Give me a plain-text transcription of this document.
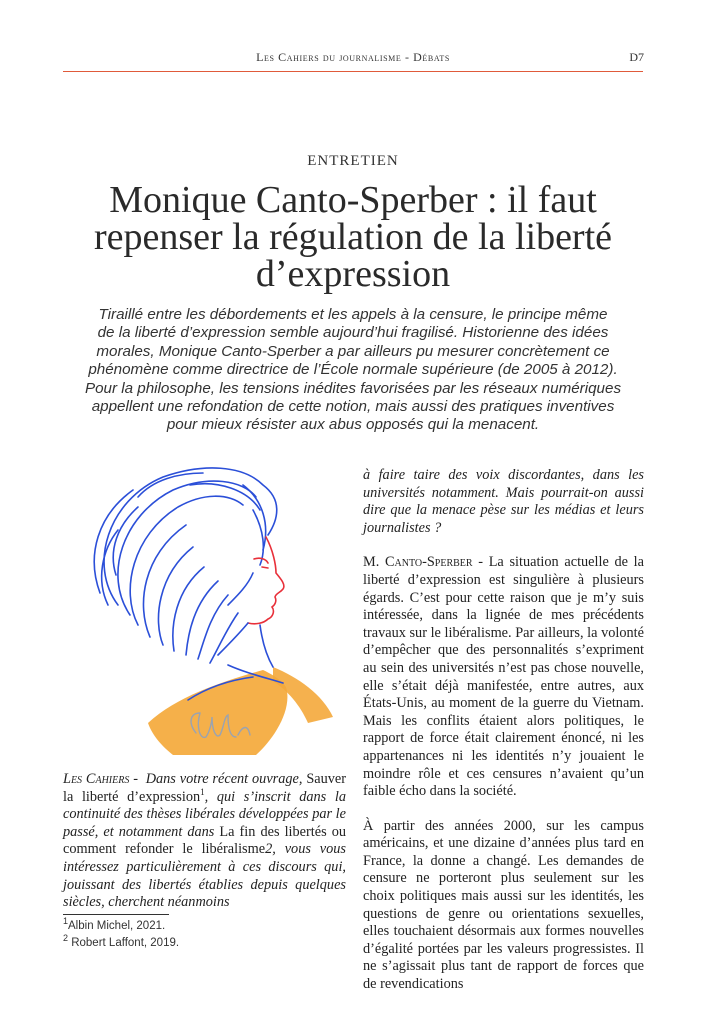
Les Cahiers du journalisme - Débats	D7
ENTRETIEN
Monique Canto-Sperber : il faut
repenser la régulation de la liberté
d’expression

Tiraillé entre les débordements et les appels à la censure, le principe même
de la liberté d’expression semble aujourd’hui fragilisé. Historienne des idées
morales, Monique Canto-Sperber a par ailleurs pu mesurer concrètement ce
phénomène comme directrice de l’École normale supérieure (de 2005 à 2012).
Pour la philosophe, les tensions inédites favorisées par les réseaux numériques
appellent une refondation de cette notion, mais aussi des pratiques inventives
pour mieux résister aux abus opposés qui la menacent.

Les Cahiers -  Dans votre récent ouvrage, Sauver la liberté d’expression$^1$, qui s’inscrit dans la continuité des thèses libérales développées par le passé, et notamment dans La fin des libertés ou comment refonder le libéralisme2, vous vous intéressez particulièrement à ces discours qui, jouissant des libertés établies depuis quelques siècles, cherchent néanmoins

$^1$Albin Michel, 2021.
$^2$ Robert Laffont, 2019.

à faire taire des voix discordantes, dans les universités notamment. Mais pourrait-on aussi dire que la menace pèse sur les médias et leurs journalistes ?

M. Canto-Sperber - La situation actuelle de la liberté d’expression est singulière à plusieurs égards. C’est pour cette raison que je m’y suis intéressée, dans la lignée de mes précédents travaux sur le libéralisme. Par ailleurs, la volonté d’empêcher que des personnalités s’expriment au sein des universités n’est pas chose nouvelle, elle s’était déjà manifestée, entre autres, aux États-Unis, au moment de la guerre du Vietnam. Mais les conflits étaient alors politiques, le rapport de force était clairement énoncé, ni les appartenances ni les identités n’y jouaient le moindre rôle et ces censures n’avaient qu’un faible écho dans la société.

À partir des années 2000, sur les campus américains, et une dizaine d’années plus tard en France, la donne a changé. Les demandes de censure ne porteront plus seulement sur les choix politiques mais aussi sur les identités, les questions de genre ou orientations sexuelles, elles touchaient désormais aux formes nouvelles d’égalité portées par les valeurs progressistes. Il ne s’agissait plus tant de rapport de forces que de revendications
